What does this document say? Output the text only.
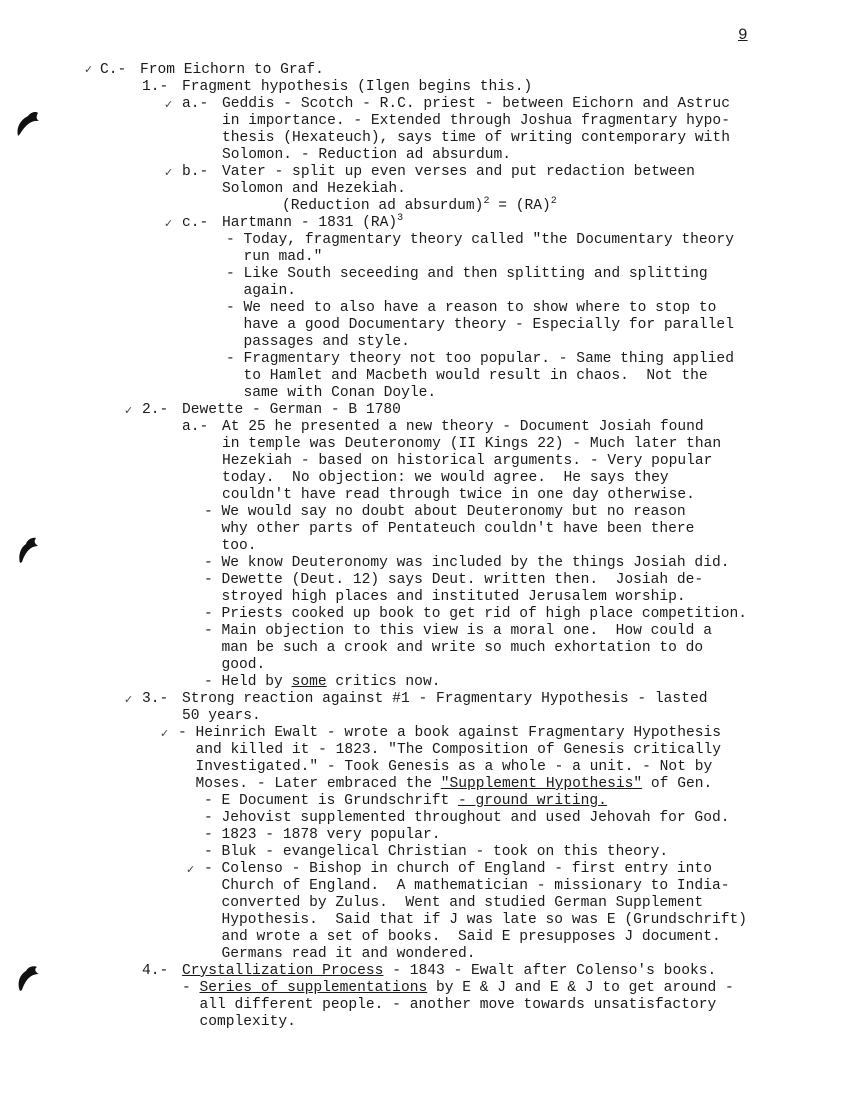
9
✓
✓
✓
✓
✓
✓
✓
✓
C.- From Eichorn to Graf.
1.- Fragment hypothesis (Ilgen begins this.)
a.- Geddis - Scotch - R.C. priest - between Eichorn and Astruc
in importance. - Extended through Joshua fragmentary hypo-
thesis (Hexateuch), says time of writing contemporary with
Solomon. - Reduction ad absurdum.
b.- Vater - split up even verses and put redaction between
Solomon and Hezekiah.
(Reduction ad absurdum)$^2$ = (RA)$^2$
c.- Hartmann - 1831 (RA)$^3$
- Today, fragmentary theory called "the Documentary theory
run mad."
- Like South seceeding and then splitting and splitting
again.
- We need to also have a reason to show where to stop to
have a good Documentary theory - Especially for parallel
passages and style.
- Fragmentary theory not too popular. - Same thing applied
to Hamlet and Macbeth would result in chaos.  Not the
same with Conan Doyle.
2.- Dewette - German - B 1780
a.- At 25 he presented a new theory - Document Josiah found
in temple was Deuteronomy (II Kings 22) - Much later than
Hezekiah - based on historical arguments. - Very popular
today.  No objection: we would agree.  He says they
couldn't have read through twice in one day otherwise.
- We would say no doubt about Deuteronomy but no reason
why other parts of Pentateuch couldn't have been there
too.
- We know Deuteronomy was included by the things Josiah did.
- Dewette (Deut. 12) says Deut. written then.  Josiah de-
stroyed high places and instituted Jerusalem worship.
- Priests cooked up book to get rid of high place competition.
- Main objection to this view is a moral one.  How could a
man be such a crook and write so much exhortation to do
good.
- Held by some critics now.
3.- Strong reaction against #1 - Fragmentary Hypothesis - lasted
50 years.
- Heinrich Ewalt - wrote a book against Fragmentary Hypothesis
and killed it - 1823. "The Composition of Genesis critically
Investigated." - Took Genesis as a whole - a unit. - Not by
Moses. - Later embraced the "Supplement Hypothesis" of Gen.
- E Document is Grundschrift - ground writing.
- Jehovist supplemented throughout and used Jehovah for God.
- 1823 - 1878 very popular.
- Bluk - evangelical Christian - took on this theory.
- Colenso - Bishop in church of England - first entry into
Church of England.  A mathematician - missionary to India-
converted by Zulus.  Went and studied German Supplement
Hypothesis.  Said that if J was late so was E (Grundschrift)
and wrote a set of books.  Said E presupposes J document.
Germans read it and wondered.
4.- Crystallization Process - 1843 - Ewalt after Colenso's books.
- Series of supplementations by E & J and E & J to get around -
all different people. - another move towards unsatisfactory
complexity.
